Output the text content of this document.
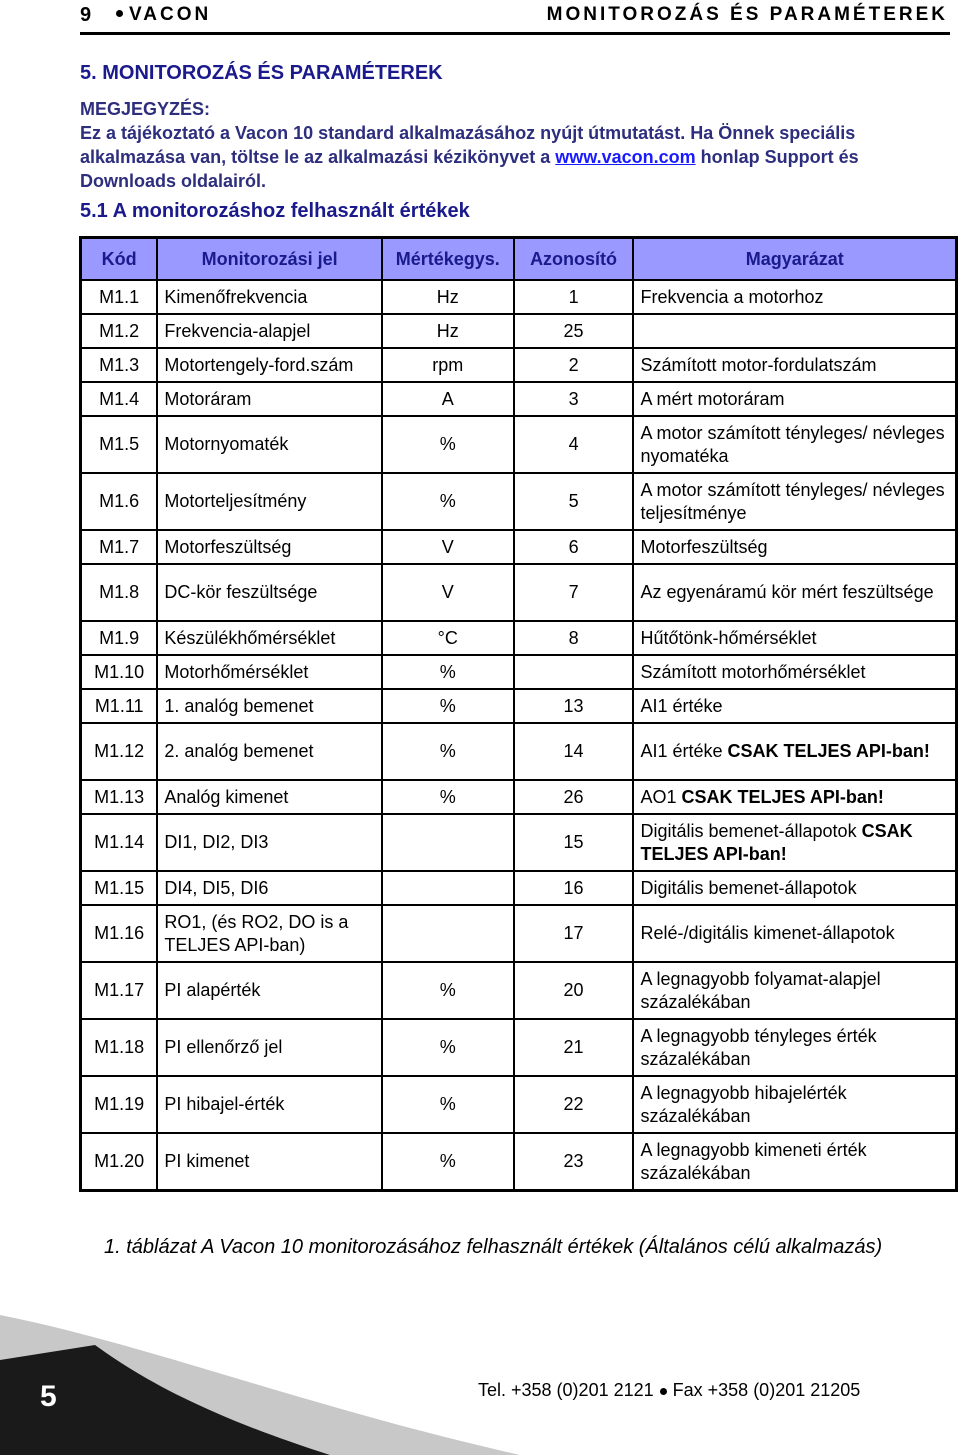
9	VACON	MONITOROZÁS ÉS PARAMÉTEREK
5. MONITOROZÁS ÉS PARAMÉTEREK
MEGJEGYZÉS:
Ez a tájékoztató a Vacon 10 standard alkalmazásához nyújt útmutatást. Ha Önnek speciális alkalmazása van, töltse le az alkalmazási kézikönyvet a www.vacon.com honlap Support és Downloads oldalairól.
5.1 A monitorozáshoz felhasznált értékek
Kód	Monitorozási jel	Mértékegys.	Azonosító	Magyarázat
M1.1	Kimenőfrekvencia	Hz	1	Frekvencia a motorhoz
M1.2	Frekvencia-alapjel	Hz	25	
M1.3	Motortengely-ford.szám	rpm	2	Számított motor-fordulatszám
M1.4	Motoráram	A	3	A mért motoráram
M1.5	Motornyomaték	%	4	A motor számított tényleges/ névleges nyomatéka
M1.6	Motorteljesítmény	%	5	A motor számított tényleges/ névleges teljesítménye
M1.7	Motorfeszültség	V	6	Motorfeszültség
M1.8	DC-kör feszültsége	V	7	Az egyenáramú kör mért feszültsége
M1.9	Készülékhőmérséklet	°C	8	Hűtőtönk-hőmérséklet
M1.10	Motorhőmérséklet	%		Számított motorhőmérséklet
M1.11	1. analóg bemenet	%	13	AI1 értéke
M1.12	2. analóg bemenet	%	14	AI1 értéke CSAK TELJES API-ban!
M1.13	Analóg kimenet	%	26	AO1 CSAK TELJES API-ban!
M1.14	DI1, DI2, DI3		15	Digitális bemenet-állapotok CSAK TELJES API-ban!
M1.15	DI4, DI5, DI6		16	Digitális bemenet-állapotok
M1.16	RO1, (és RO2, DO is a TELJES API-ban)		17	Relé-/digitális kimenet-állapotok
M1.17	PI alapérték	%	20	A legnagyobb folyamat-alapjel százalékában
M1.18	PI ellenőrző jel	%	21	A legnagyobb tényleges érték százalékában
M1.19	PI hibajel-érték	%	22	A legnagyobb hibajelérték százalékában
M1.20	PI kimenet	%	23	A legnagyobb kimeneti érték százalékában
1. táblázat A Vacon 10 monitorozásához felhasznált értékek (Általános célú alkalmazás)
5	Tel. +358 (0)201 2121 Fax +358 (0)201 21205
